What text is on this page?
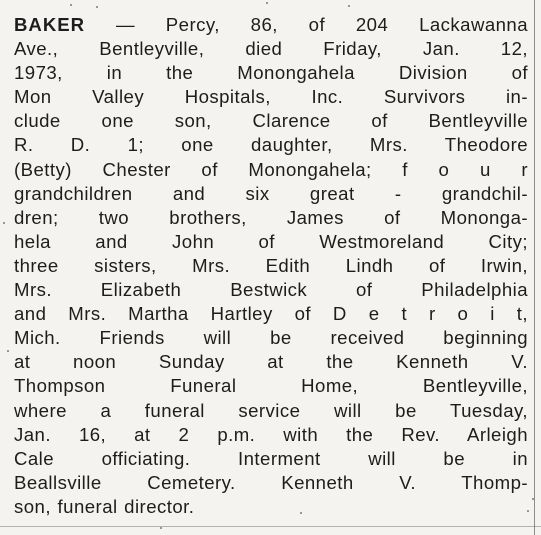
BAKER — Percy, 86, of 204 Lackawanna
Ave., Bentleyville, died Friday, Jan. 12,
1973, in the Monongahela Division of
Mon Valley Hospitals, Inc. Survivors in-
clude one son, Clarence of Bentleyville
R. D. 1; one daughter, Mrs. Theodore
(Betty) Chester of Monongahela; f o u r
grandchildren and six great - grandchil-
dren; two brothers, James of Mononga-
hela and John of Westmoreland City;
three sisters, Mrs. Edith Lindh of Irwin,
Mrs. Elizabeth Bestwick of Philadelphia
and Mrs. Martha Hartley of D e t r o i t,
Mich. Friends will be received beginning
at noon Sunday at the Kenneth V.
Thompson Funeral Home, Bentleyville,
where a funeral service will be Tuesday,
Jan. 16, at 2 p.m. with the Rev. Arleigh
Cale officiating. Interment will be in
Beallsville Cemetery. Kenneth V. Thomp-
son, funeral director.
